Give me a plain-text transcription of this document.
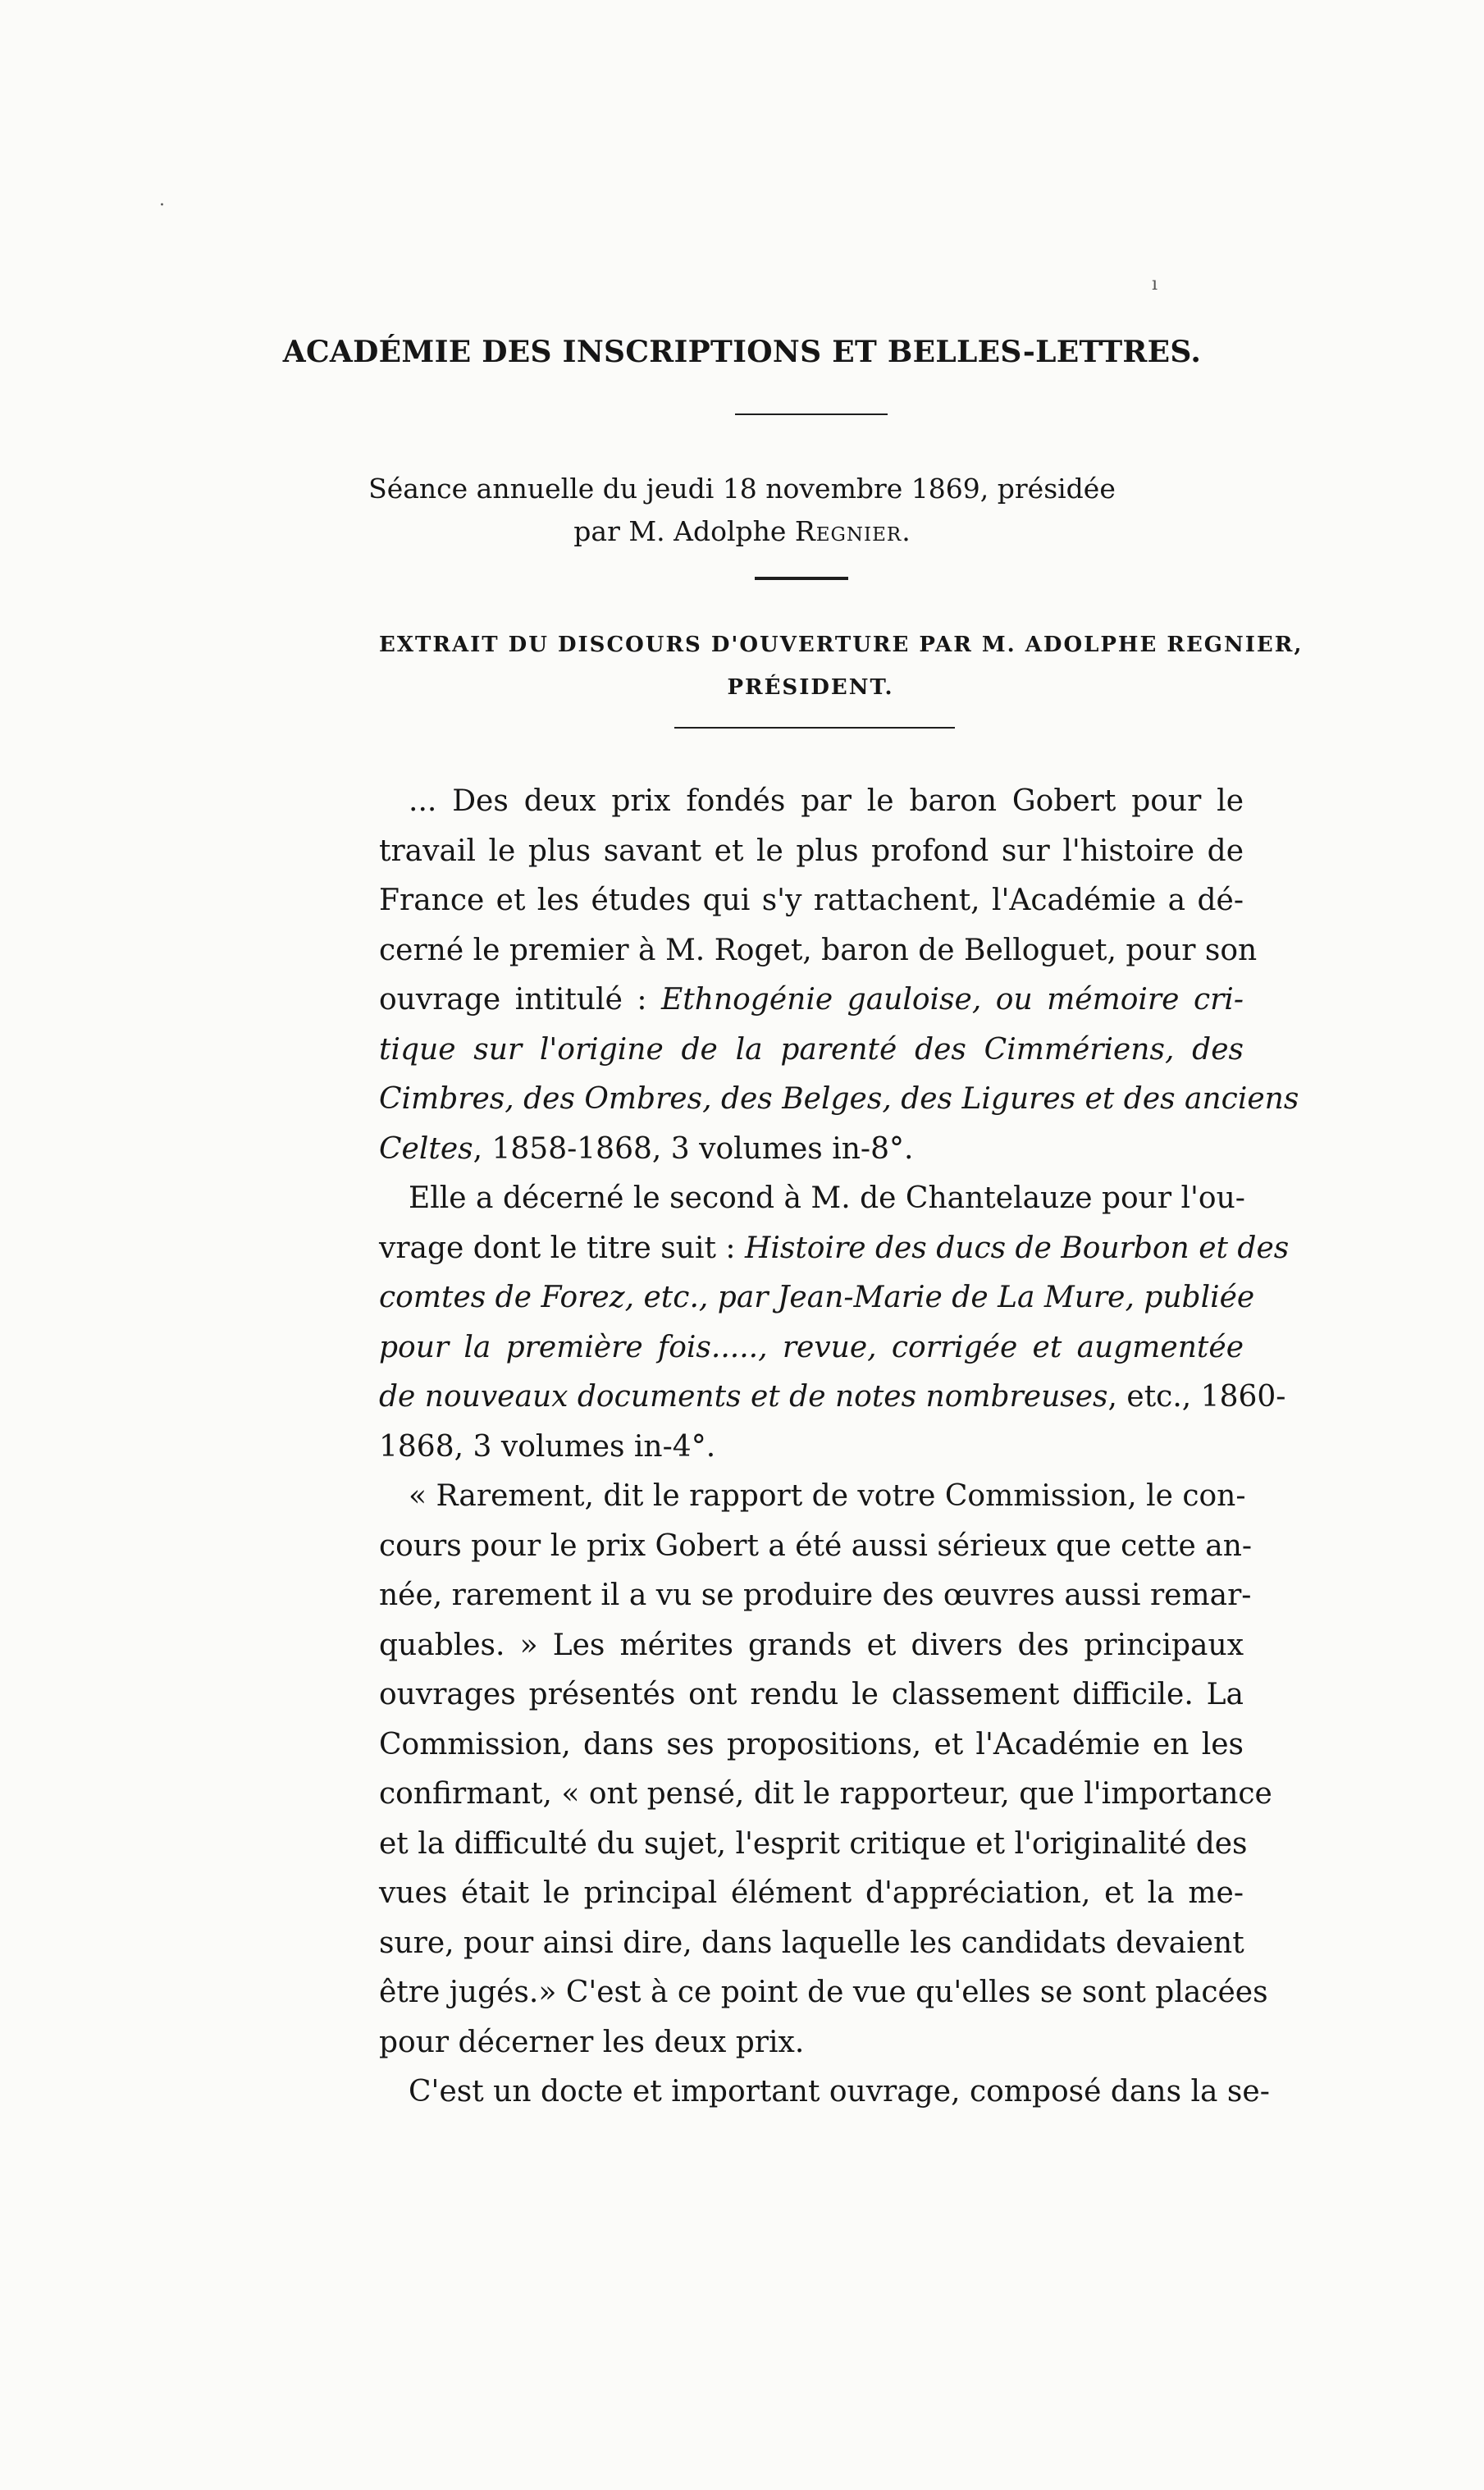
ACADÉMIE DES INSCRIPTIONS ET BELLES-LETTRES.
Séance annuelle du jeudi 18 novembre 1869, présidée
par M. Adolphe Regnier.
EXTRAIT DU DISCOURS D'OUVERTURE PAR M. ADOLPHE REGNIER,
PRÉSIDENT.
... Des deux prix fondés par le baron Gobert pour le
travail le plus savant et le plus profond sur l'histoire de
France et les études qui s'y rattachent, l'Académie a dé-
cerné le premier à M. Roget, baron de Belloguet, pour son
ouvrage intitulé : Ethnogénie gauloise, ou mémoire cri-
tique sur l'origine de la parenté des Cimmériens, des
Cimbres, des Ombres, des Belges, des Ligures et des anciens
Celtes, 1858-1868, 3 volumes in-8°.
Elle a décerné le second à M. de Chantelauze pour l'ou-
vrage dont le titre suit : Histoire des ducs de Bourbon et des
comtes de Forez, etc., par Jean-Marie de La Mure, publiée
pour la première fois....., revue, corrigée et augmentée
de nouveaux documents et de notes nombreuses, etc., 1860-
1868, 3 volumes in-4°.
« Rarement, dit le rapport de votre Commission, le con-
cours pour le prix Gobert a été aussi sérieux que cette an-
née, rarement il a vu se produire des œuvres aussi remar-
quables. » Les mérites grands et divers des principaux
ouvrages présentés ont rendu le classement difficile. La
Commission, dans ses propositions, et l'Académie en les
confirmant, « ont pensé, dit le rapporteur, que l'importance
et la difficulté du sujet, l'esprit critique et l'originalité des
vues était le principal élément d'appréciation, et la me-
sure, pour ainsi dire, dans laquelle les candidats devaient
être jugés.» C'est à ce point de vue qu'elles se sont placées
pour décerner les deux prix.
C'est un docte et important ouvrage, composé dans la se-
ı
·
